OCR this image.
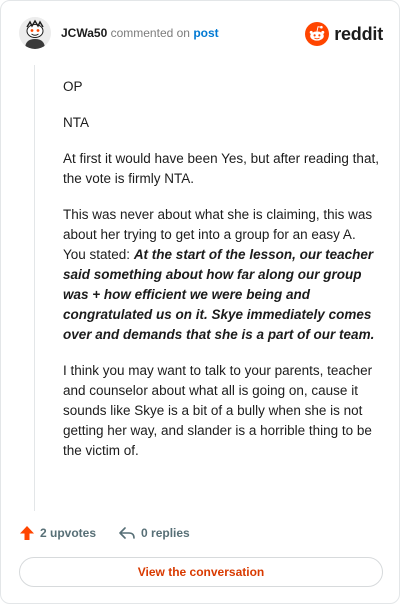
JCWa50 commented on post	reddit

OP

NTA

At first it would have been Yes, but after reading that, the vote is firmly NTA.

This was never about what she is claiming, this was about her trying to get into a group for an easy A. You stated: At the start of the lesson, our teacher said something about how far along our group was + how efficient we were being and congratulated us on it. Skye immediately comes over and demands that she is a part of our team.

I think you may want to talk to your parents, teacher and counselor about what all is going on, cause it sounds like Skye is a bit of a bully when she is not getting her way, and slander is a horrible thing to be the victim of.

2 upvotes	0 replies
View the conversation
